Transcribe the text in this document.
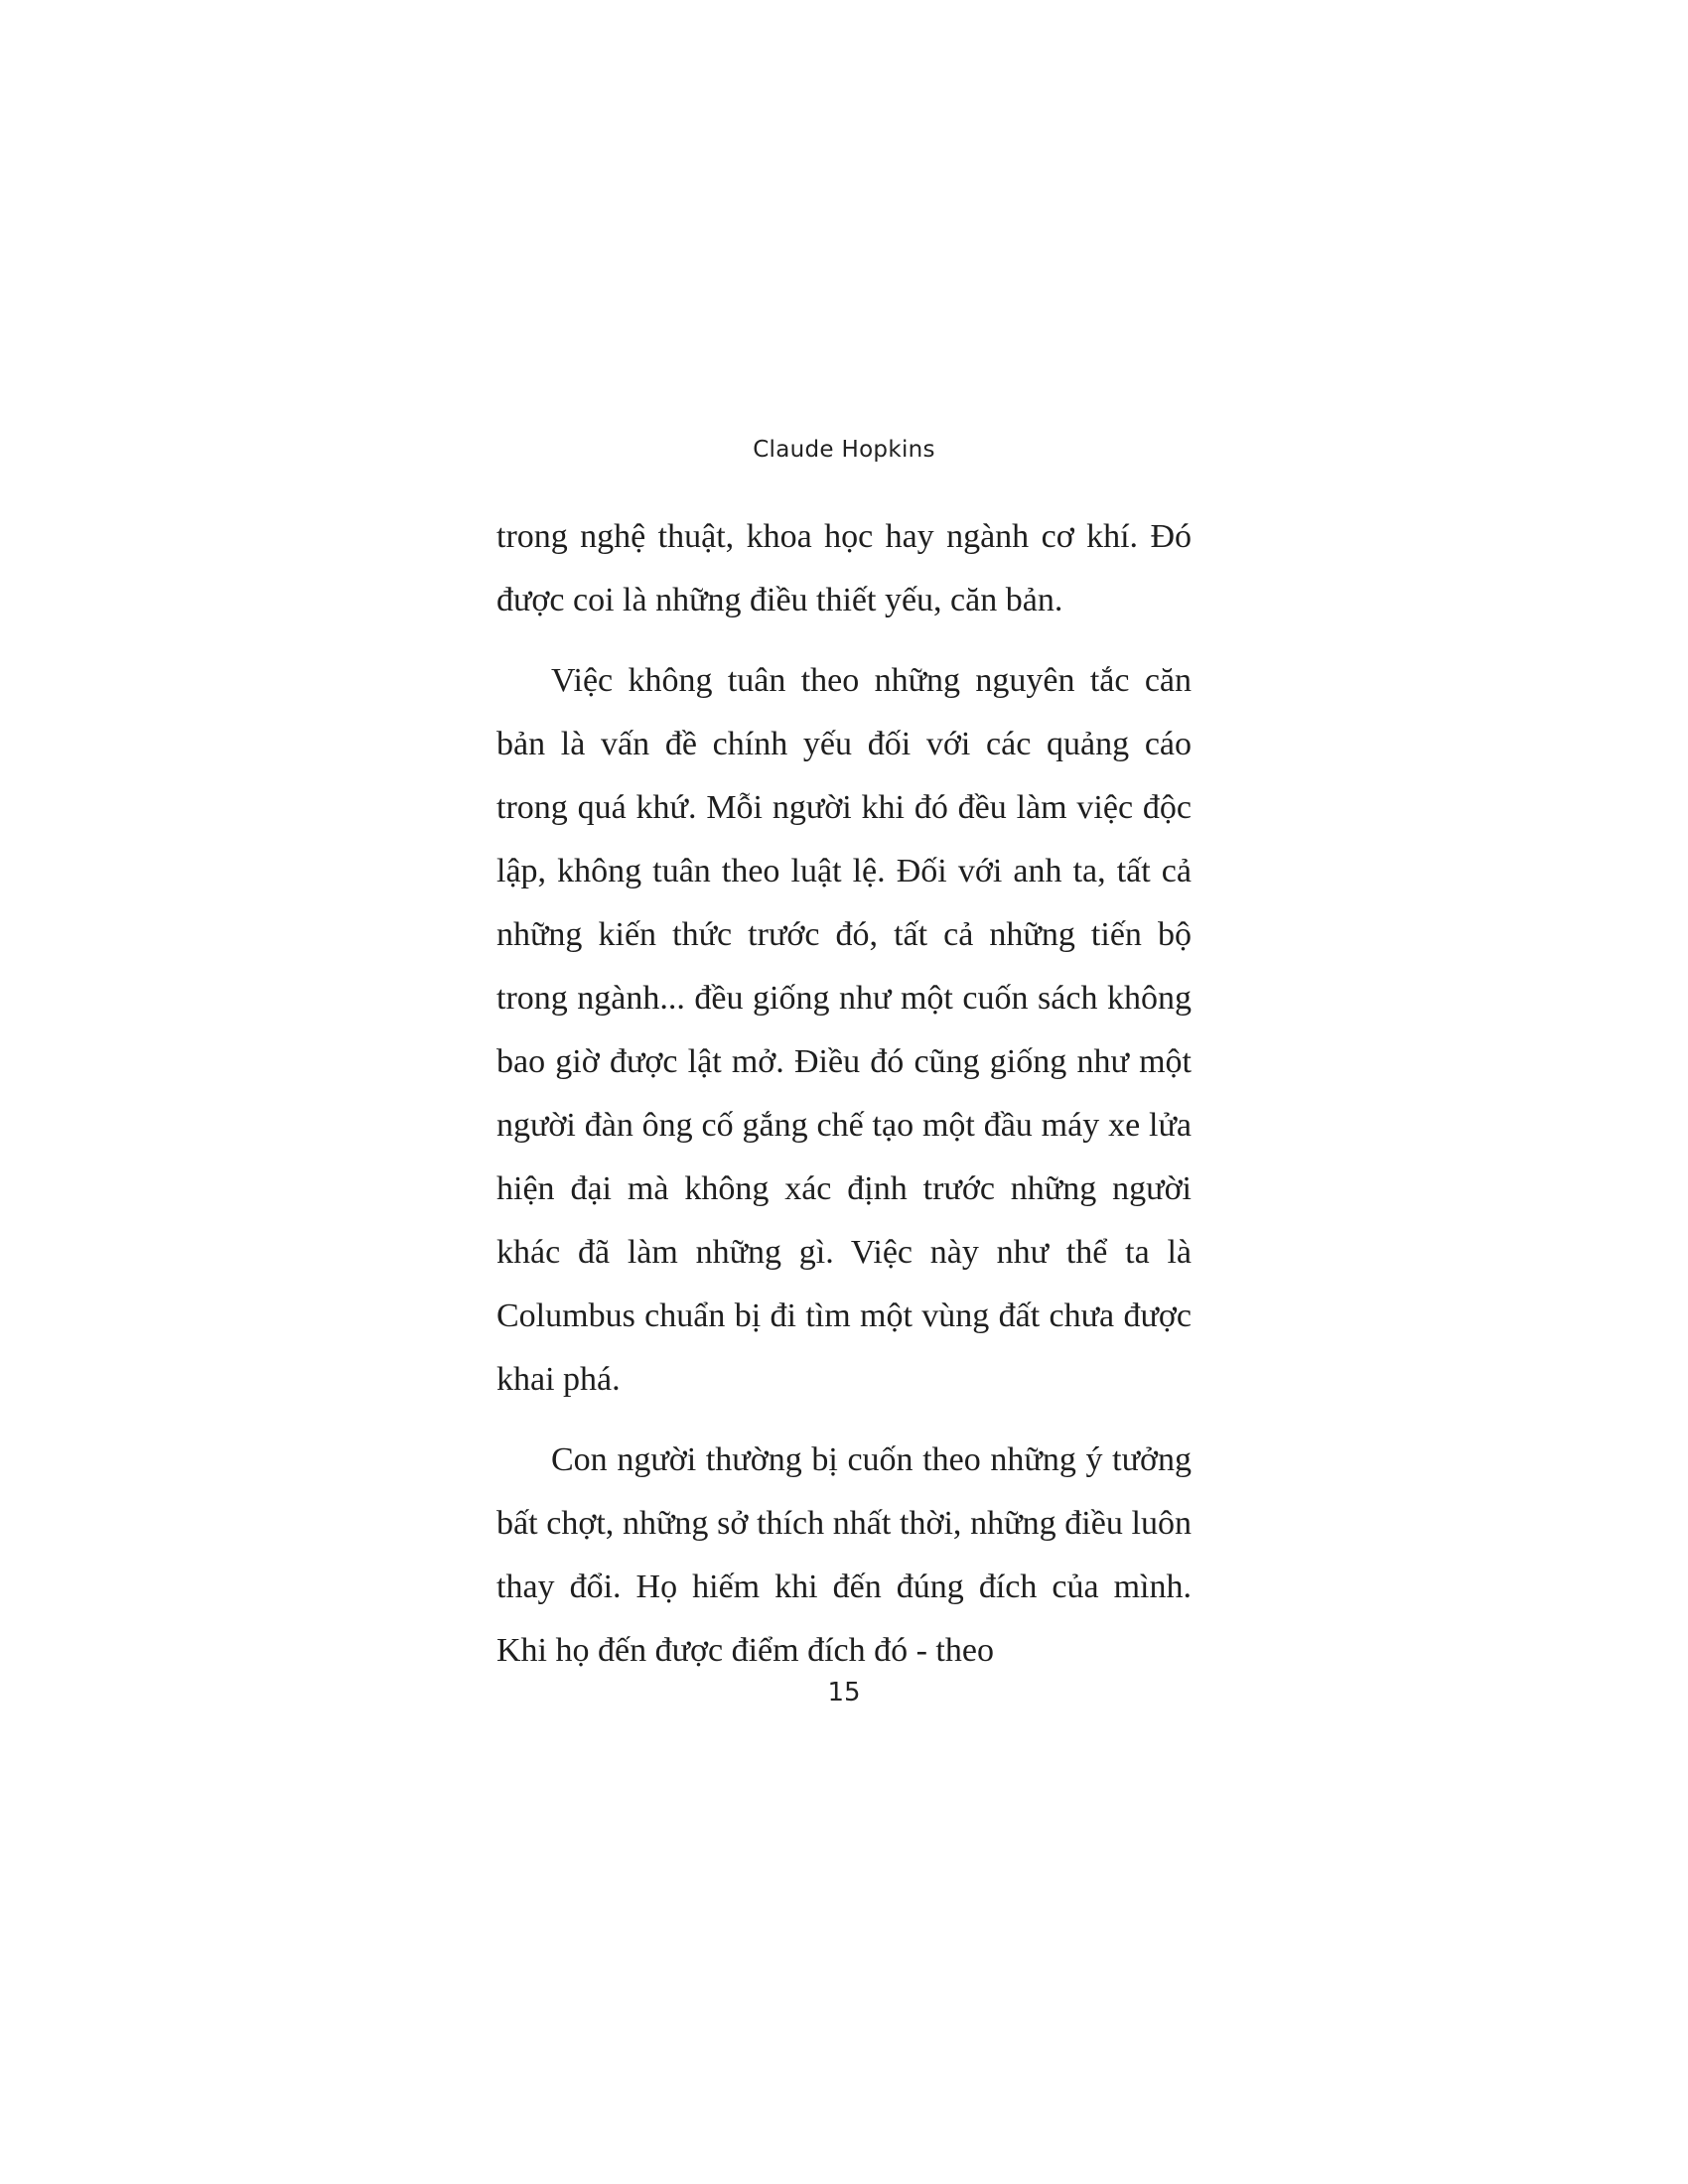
Claude Hopkins

trong nghệ thuật, khoa học hay ngành cơ khí. Đó được coi là những điều thiết yếu, căn bản.

Việc không tuân theo những nguyên tắc căn bản là vấn đề chính yếu đối với các quảng cáo trong quá khứ. Mỗi người khi đó đều làm việc độc lập, không tuân theo luật lệ. Đối với anh ta, tất cả những kiến thức trước đó, tất cả những tiến bộ trong ngành... đều giống như một cuốn sách không bao giờ được lật mở. Điều đó cũng giống như một người đàn ông cố gắng chế tạo một đầu máy xe lửa hiện đại mà không xác định trước những người khác đã làm những gì. Việc này như thể ta là Columbus chuẩn bị đi tìm một vùng đất chưa được khai phá.

Con người thường bị cuốn theo những ý tưởng bất chợt, những sở thích nhất thời, những điều luôn thay đổi. Họ hiếm khi đến đúng đích của mình. Khi họ đến được điểm đích đó - theo

15
